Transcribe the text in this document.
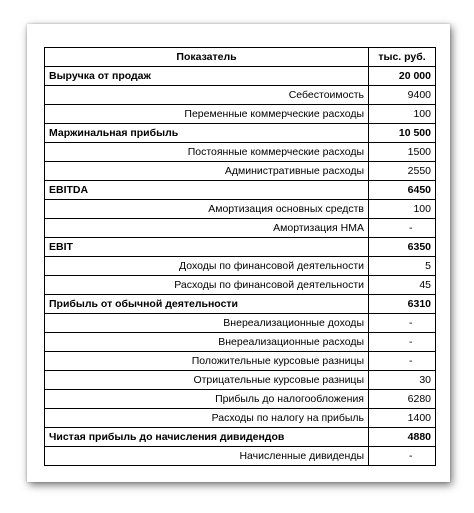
Показатель	тыс. руб.
Выручка от продаж	20 000
Себестоимость	9400
Переменные коммерческие расходы	100
Маржинальная прибыль	10 500
Постоянные коммерческие расходы	1500
Административные расходы	2550
EBITDA	6450
Амортизация основных средств	100
Амортизация НМА	-
EBIT	6350
Доходы по финансовой деятельности	5
Расходы по финансовой деятельности	45
Прибыль от обычной деятельности	6310
Внереализационные доходы	-
Внереализационные расходы	-
Положительные курсовые разницы	-
Отрицательные курсовые разницы	30
Прибыль до налогообложения	6280
Расходы по налогу на прибыль	1400
Чистая прибыль до начисления дивидендов	4880
Начисленные дивиденды	-
